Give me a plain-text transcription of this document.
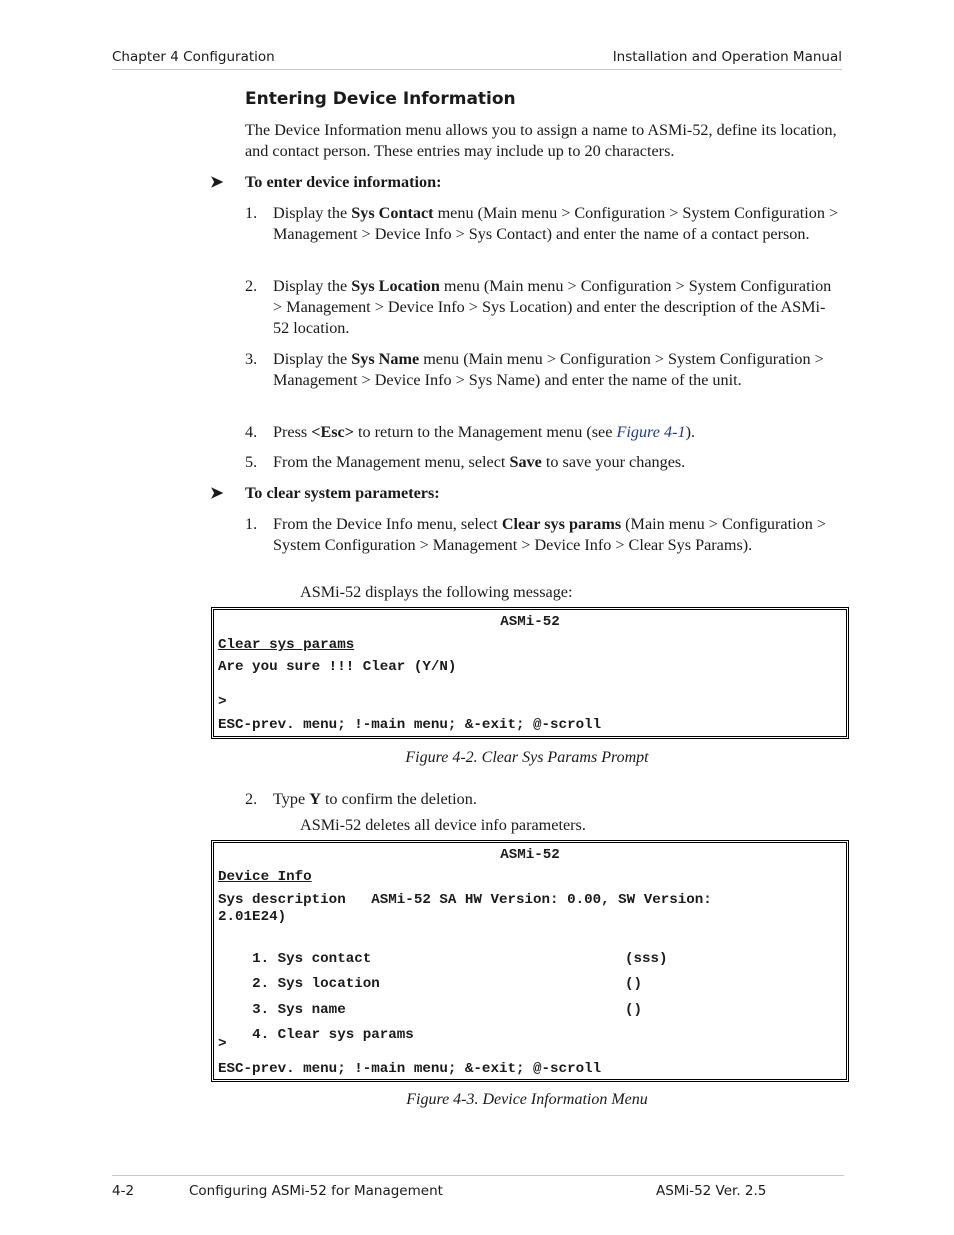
Chapter 4 Configuration	Installation and Operation Manual
Entering Device Information
The Device Information menu allows you to assign a name to ASMi-52, define its location, and contact person. These entries may include up to 20 characters.
➤ To enter device information:
1. Display the Sys Contact menu (Main menu > Configuration > System Configuration > Management > Device Info > Sys Contact) and enter the name of a contact person.
2. Display the Sys Location menu (Main menu > Configuration > System Configuration > Management > Device Info > Sys Location) and enter the description of the ASMi-52 location.
3. Display the Sys Name menu (Main menu > Configuration > System Configuration > Management > Device Info > Sys Name) and enter the name of the unit.
4. Press <Esc> to return to the Management menu (see Figure 4-1).
5. From the Management menu, select Save to save your changes.
➤ To clear system parameters:
1. From the Device Info menu, select Clear sys params (Main menu > Configuration > System Configuration > Management > Device Info > Clear Sys Params).
ASMi-52 displays the following message:
ASMi-52
Clear sys params
Are you sure !!! Clear (Y/N)
>
ESC-prev. menu; !-main menu; &-exit; @-scroll
Figure 4-2. Clear Sys Params Prompt
2. Type Y to confirm the deletion.
ASMi-52 deletes all device info parameters.
ASMi-52
Device Info
Sys description   ASMi-52 SA HW Version: 0.00, SW Version:
2.01E24)

1. Sys contact	(sss)

2. Sys location	()

3. Sys name	()

4. Clear sys params

>
ESC-prev. menu; !-main menu; &-exit; @-scroll
Figure 4-3. Device Information Menu
4-2	Configuring ASMi-52 for Management	ASMi-52 Ver. 2.5
